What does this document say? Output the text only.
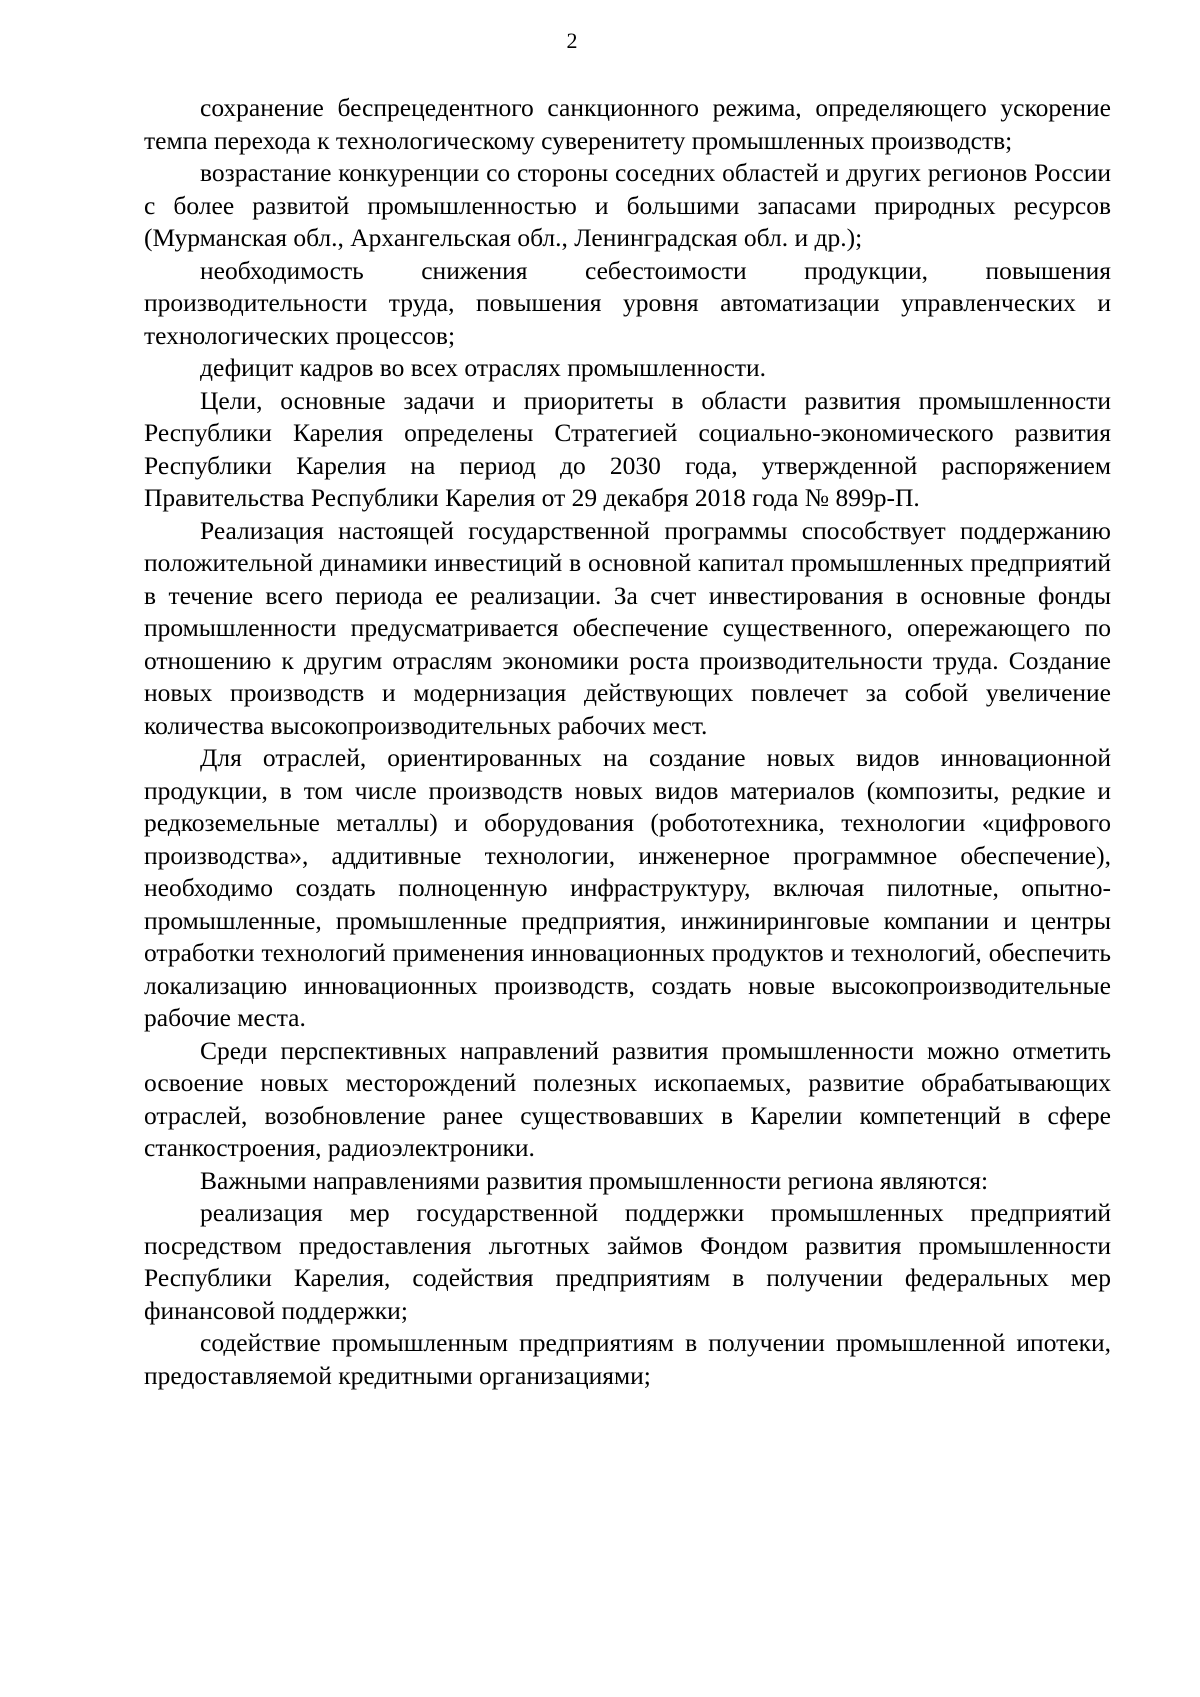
2

сохранение беспрецедентного санкционного режима, определяющего ускорение темпа перехода к технологическому суверенитету промышленных производств;

возрастание конкуренции со стороны соседних областей и других регионов России с более развитой промышленностью и большими запасами природных ресурсов (Мурманская обл., Архангельская обл., Ленинградская обл. и др.);

необходимость снижения себестоимости продукции, повышения производительности труда, повышения уровня автоматизации управленческих и технологических процессов;

дефицит кадров во всех отраслях промышленности.

Цели, основные задачи и приоритеты в области развития промышленности Республики Карелия определены Стратегией социально-экономического развития Республики Карелия на период до 2030 года, утвержденной распоряжением Правительства Республики Карелия от 29 декабря 2018 года № 899р-П.

Реализация настоящей государственной программы способствует поддержанию положительной динамики инвестиций в основной капитал промышленных предприятий в течение всего периода ее реализации. За счет инвестирования в основные фонды промышленности предусматривается обеспечение существенного, опережающего по отношению к другим отраслям экономики роста производительности труда. Создание новых производств и модернизация действующих повлечет за собой увеличение количества высокопроизводительных рабочих мест.

Для отраслей, ориентированных на создание новых видов инновационной продукции, в том числе производств новых видов материалов (композиты, редкие и редкоземельные металлы) и оборудования (робототехника, технологии «цифрового производства», аддитивные технологии, инженерное программное обеспечение), необходимо создать полноценную инфраструктуру, включая пилотные, опытно-промышленные, промышленные предприятия, инжиниринговые компании и центры отработки технологий применения инновационных продуктов и технологий, обеспечить локализацию инновационных производств, создать новые высокопроизводительные рабочие места.

Среди перспективных направлений развития промышленности можно отметить освоение новых месторождений полезных ископаемых, развитие обрабатывающих отраслей, возобновление ранее существовавших в Карелии компетенций в сфере станкостроения, радиоэлектроники.

Важными направлениями развития промышленности региона являются:

реализация мер государственной поддержки промышленных предприятий посредством предоставления льготных займов Фондом развития промышленности Республики Карелия, содействия предприятиям в получении федеральных мер финансовой поддержки;

содействие промышленным предприятиям в получении промышленной ипотеки, предоставляемой кредитными организациями;
